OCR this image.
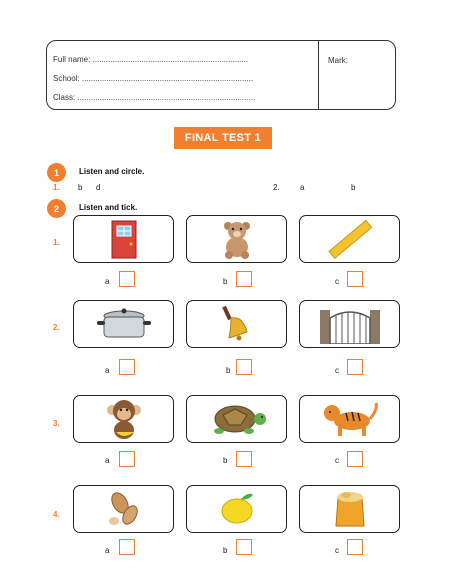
Full name: ......................................................................
School: .............................................................................
Class: ................................................................................
Mark:
FINAL TEST 1
1	Listen and circle.
1. b d	2.	a	b
2	Listen and tick.
1.
a	b	c
2.
a	b	c
3.
a	b	c
4.
a	b	c
